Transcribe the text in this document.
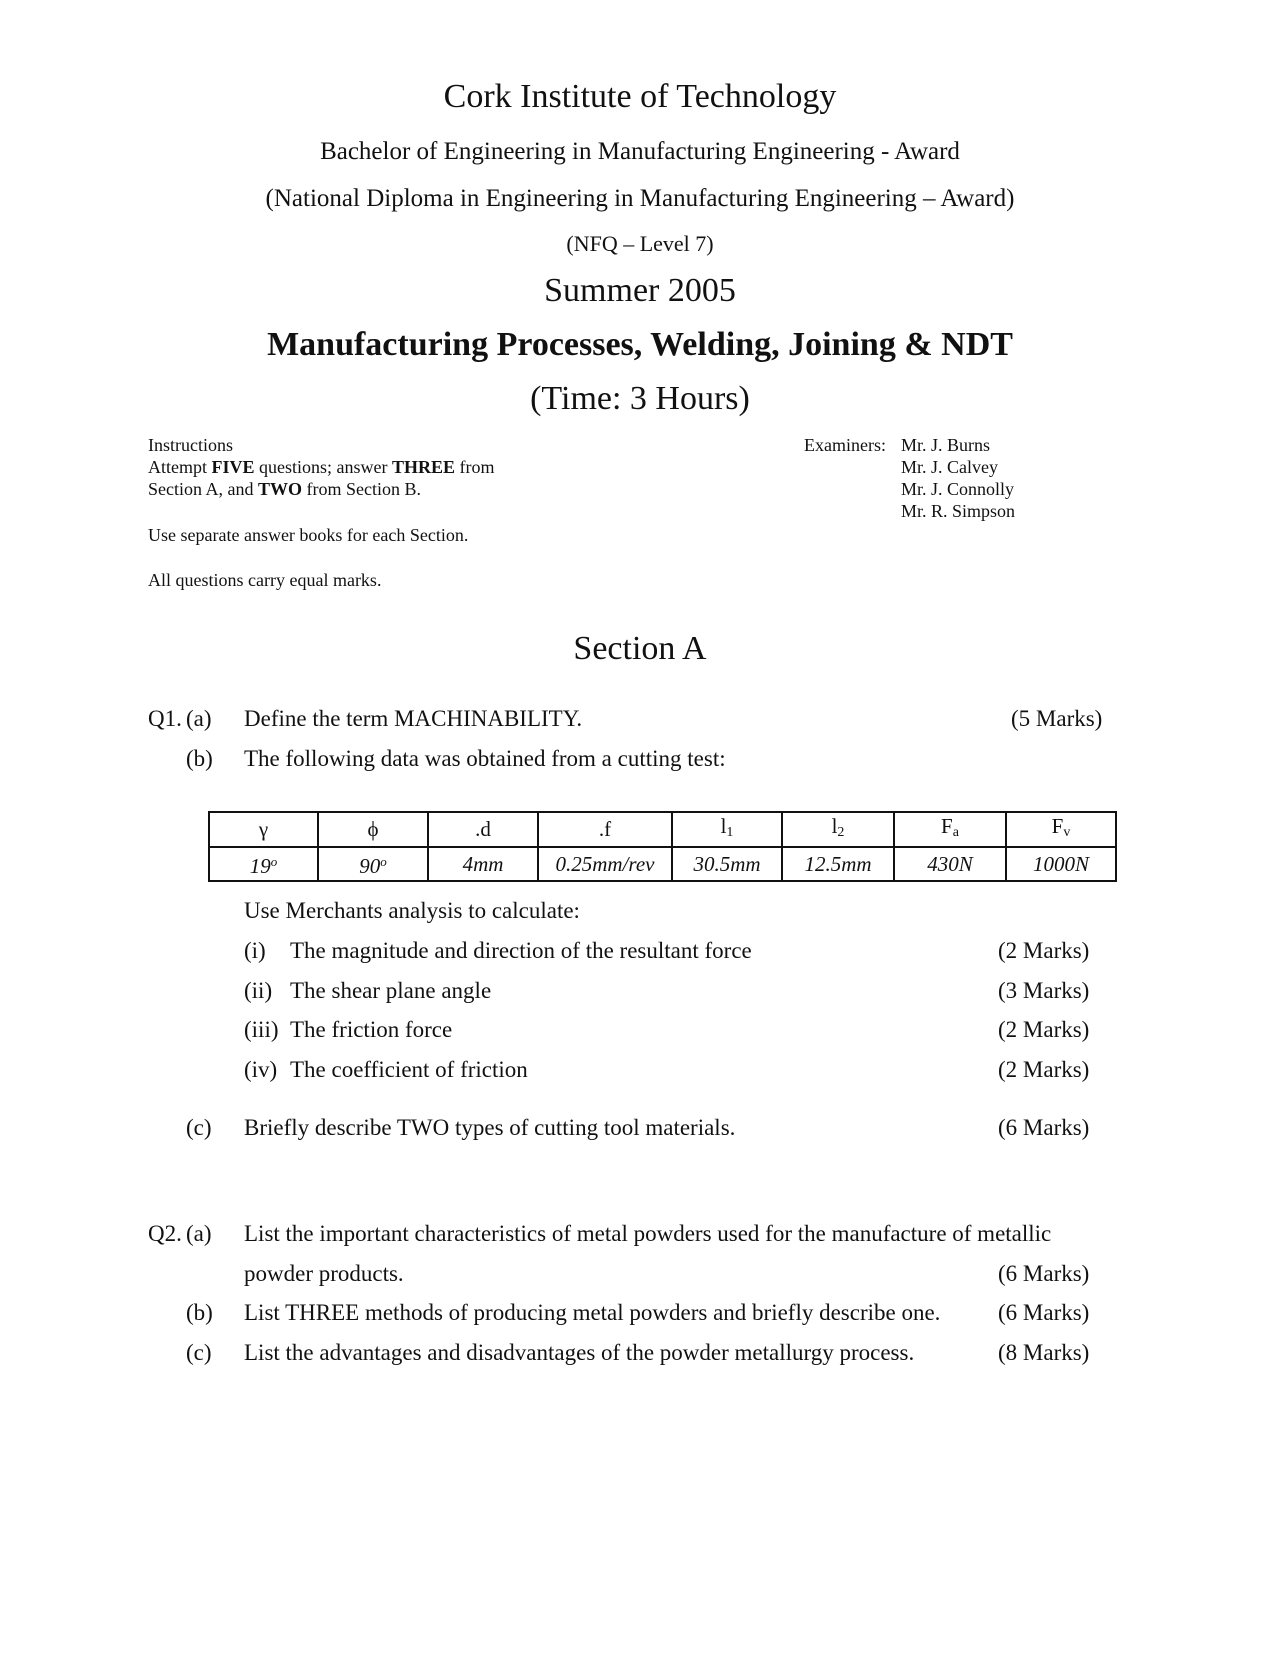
Cork Institute of Technology
Bachelor of Engineering in Manufacturing Engineering - Award
(National Diploma in Engineering in Manufacturing Engineering – Award)
(NFQ – Level 7)
Summer 2005
Manufacturing Processes, Welding, Joining & NDT
(Time: 3 Hours)
Instructions
Attempt FIVE questions; answer THREE from
Section A, and TWO from Section B.
Use separate answer books for each Section.
All questions carry equal marks.
Examiners: Mr. J. Burns
Mr. J. Calvey
Mr. J. Connolly
Mr. R. Simpson
Section A
Q1. (a) Define the term MACHINABILITY.	(5 Marks)
(b) The following data was obtained from a cutting test:
γ	ϕ	.d	.f	$l_1$	$l_2$	$F_a$	$F_v$
19$^o$	90$^o$	4mm	0.25mm/rev	30.5mm	12.5mm	430N	1000N
Use Merchants analysis to calculate:
(i) The magnitude and direction of the resultant force	(2 Marks)
(ii) The shear plane angle	(3 Marks)
(iii) The friction force	(2 Marks)
(iv) The coefficient of friction	(2 Marks)
(c) Briefly describe TWO types of cutting tool materials.	(6 Marks)
Q2. (a) List the important characteristics of metal powders used for the manufacture of metallic
powder products.	(6 Marks)
(b) List THREE methods of producing metal powders and briefly describe one.	(6 Marks)
(c) List the advantages and disadvantages of the powder metallurgy process.	(8 Marks)
